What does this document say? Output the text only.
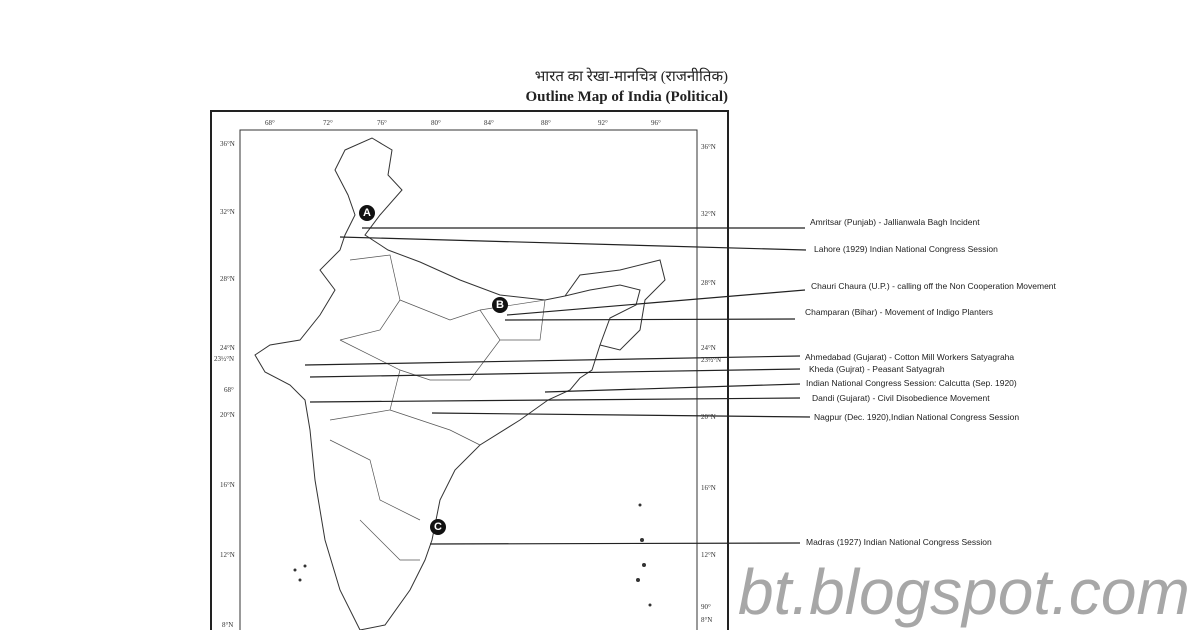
भारत का रेखा-मानचित्र (राजनीतिक)
Outline Map of India (Political)
68°	72°	76°	80°	84°	88°	92°	96°
36°N
32°N
28°N
24°N
23½°N
68°
20°N
16°N
12°N
8°N
36°N
32°N
28°N
24°N
23½°N
20°N
16°N
12°N
90°
8°N
A
B
C
Amritsar (Punjab) - Jallianwala Bagh Incident
Lahore (1929) Indian National Congress Session
Chauri Chaura (U.P.) - calling off the Non Cooperation Movement
Champaran (Bihar) - Movement of Indigo Planters
Ahmedabad (Gujarat) - Cotton Mill Workers Satyagraha
Kheda (Gujrat) - Peasant Satyagrah
Indian National Congress Session: Calcutta (Sep. 1920)
Dandi (Gujarat) - Civil Disobedience Movement
Nagpur (Dec. 1920),Indian National Congress Session
Madras (1927) Indian National Congress Session
bt.blogspot.com
